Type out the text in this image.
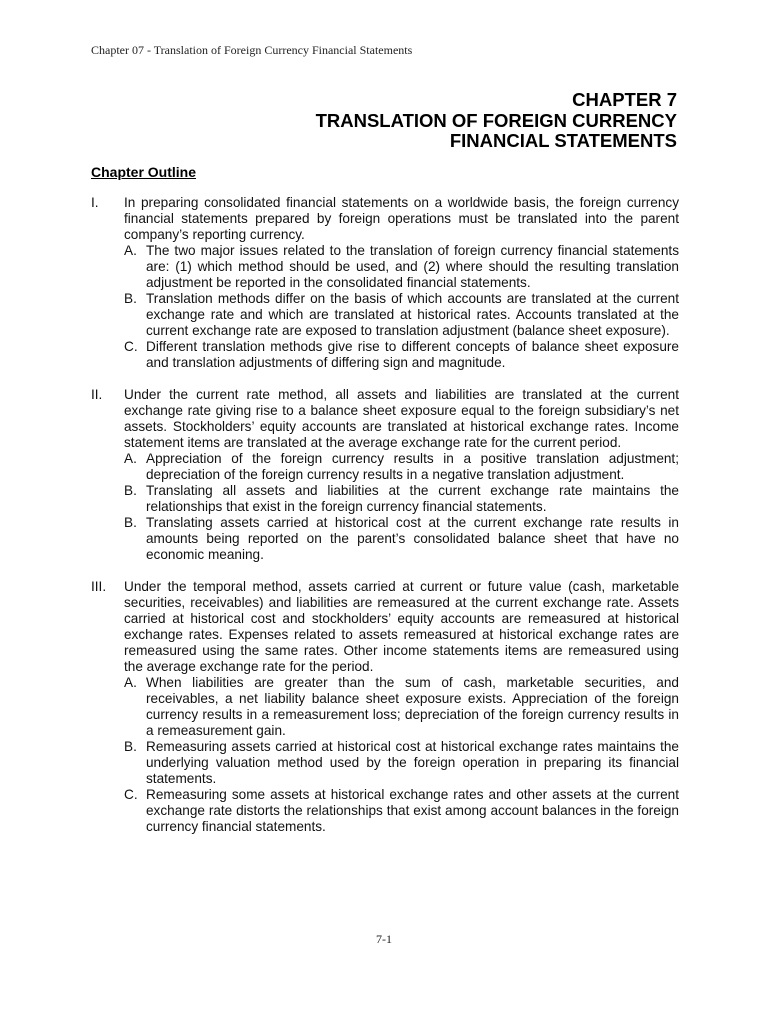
Chapter 07 - Translation of Foreign Currency Financial Statements
CHAPTER 7
TRANSLATION OF FOREIGN CURRENCY
FINANCIAL STATEMENTS
Chapter Outline
I. In preparing consolidated financial statements on a worldwide basis, the foreign currency financial statements prepared by foreign operations must be translated into the parent company’s reporting currency.
A. The two major issues related to the translation of foreign currency financial statements are: (1) which method should be used, and (2) where should the resulting translation adjustment be reported in the consolidated financial statements.
B. Translation methods differ on the basis of which accounts are translated at the current exchange rate and which are translated at historical rates. Accounts translated at the current exchange rate are exposed to translation adjustment (balance sheet exposure).
C. Different translation methods give rise to different concepts of balance sheet exposure and translation adjustments of differing sign and magnitude.
II. Under the current rate method, all assets and liabilities are translated at the current exchange rate giving rise to a balance sheet exposure equal to the foreign subsidiary’s net assets. Stockholders’ equity accounts are translated at historical exchange rates. Income statement items are translated at the average exchange rate for the current period.
A. Appreciation of the foreign currency results in a positive translation adjustment; depreciation of the foreign currency results in a negative translation adjustment.
B. Translating all assets and liabilities at the current exchange rate maintains the relationships that exist in the foreign currency financial statements.
B. Translating assets carried at historical cost at the current exchange rate results in amounts being reported on the parent’s consolidated balance sheet that have no economic meaning.
III. Under the temporal method, assets carried at current or future value (cash, marketable securities, receivables) and liabilities are remeasured at the current exchange rate. Assets carried at historical cost and stockholders’ equity accounts are remeasured at historical exchange rates. Expenses related to assets remeasured at historical exchange rates are remeasured using the same rates. Other income statements items are remeasured using the average exchange rate for the period.
A. When liabilities are greater than the sum of cash, marketable securities, and receivables, a net liability balance sheet exposure exists. Appreciation of the foreign currency results in a remeasurement loss; depreciation of the foreign currency results in a remeasurement gain.
B. Remeasuring assets carried at historical cost at historical exchange rates maintains the underlying valuation method used by the foreign operation in preparing its financial statements.
C. Remeasuring some assets at historical exchange rates and other assets at the current exchange rate distorts the relationships that exist among account balances in the foreign currency financial statements.
7-1
